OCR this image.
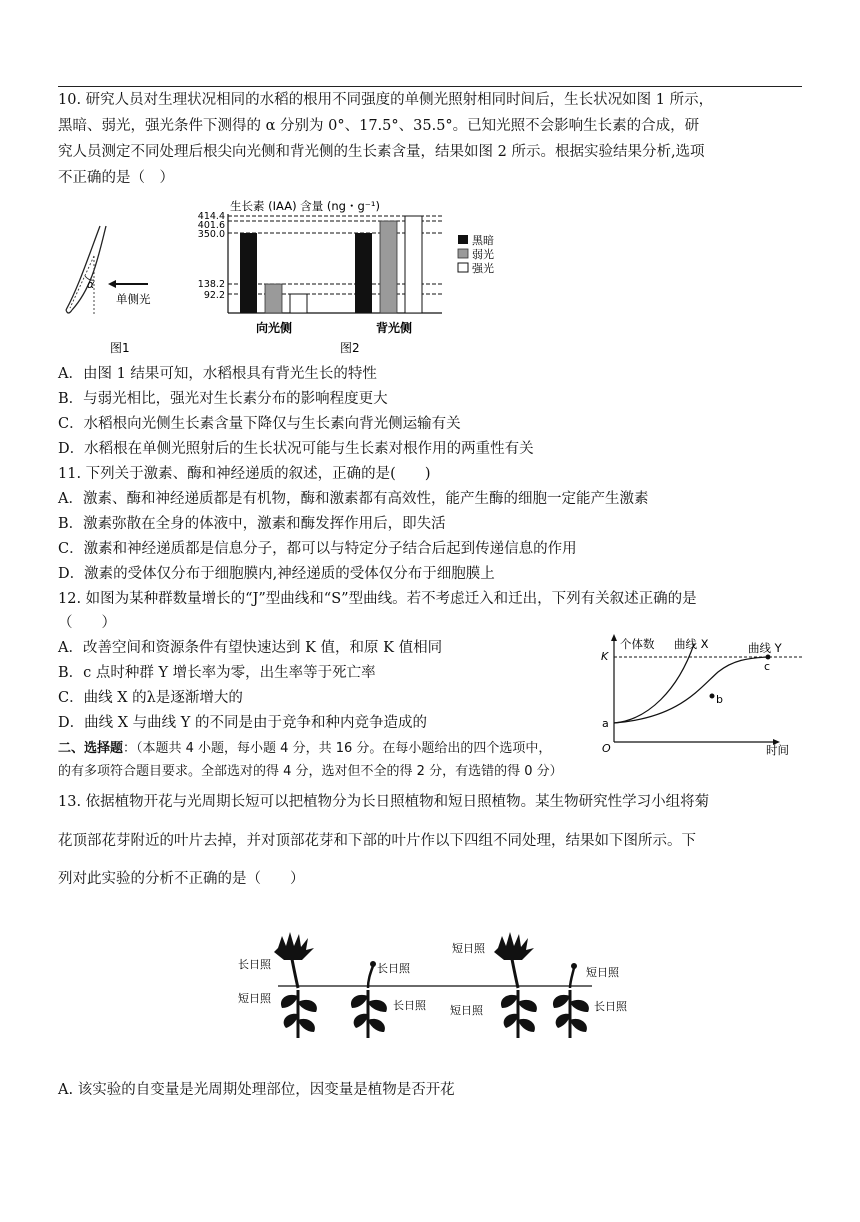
10. 研究人员对生理状况相同的水稻的根用不同强度的单侧光照射相同时间后，生长状况如图 1 所示，
黑暗、弱光，强光条件下测得的 α 分别为 0°、17.5°、35.5°。已知光照不会影响生长素的合成，研
究人员测定不同处理后根尖向光侧和背光侧的生长素含量，结果如图 2 所示。根据实验结果分析,选项
不正确的是（　）
α
单侧光
图1
生长素 (IAA) 含量 (ng・g⁻¹)
414.4
401.6
350.0
138.2
92.2
黑暗
弱光
强光
向光侧	背光侧
图2
A．由图 1 结果可知，水稻根具有背光生长的特性
B．与弱光相比，强光对生长素分布的影响程度更大
C．水稻根向光侧生长素含量下降仅与生长素向背光侧运输有关
D．水稻根在单侧光照射后的生长状况可能与生长素对根作用的两重性有关
11. 下列关于激素、酶和神经递质的叙述，正确的是(　　)
A．激素、酶和神经递质都是有机物，酶和激素都有高效性，能产生酶的细胞一定能产生激素
B．激素弥散在全身的体液中，激素和酶发挥作用后，即失活
C．激素和神经递质都是信息分子，都可以与特定分子结合后起到传递信息的作用
D．激素的受体仅分布于细胞膜内,神经递质的受体仅分布于细胞膜上
12. 如图为某种群数量增长的“J”型曲线和“S”型曲线。若不考虑迁入和迁出，下列有关叙述正确的是
（　　）
A．改善空间和资源条件有望快速达到 K 值，和原 K 值相同
B．c 点时种群 Y 增长率为零，出生率等于死亡率
C．曲线 X 的λ是逐渐增大的
D．曲线 X 与曲线 Y 的不同是由于竞争和种内竞争造成的
个体数
时间
O
K
a
曲线 X	曲线 Y
b
c
二、选择题：（本题共 4 小题，每小题 4 分，共 16 分。在每小题给出的四个选项中，
的有多项符合题目要求。全部选对的得 4 分，选对但不全的得 2 分，有选错的得 0 分）
13. 依据植物开花与光周期长短可以把植物分为长日照植物和短日照植物。某生物研究性学习小组将菊
花顶部花芽附近的叶片去掉，并对顶部花芽和下部的叶片作以下四组不同处理，结果如下图所示。下
列对此实验的分析不正确的是（　　）
长日照
短日照
长日照
长日照
短日照
短日照
短日照
长日照
A. 该实验的自变量是光周期处理部位，因变量是植物是否开花
